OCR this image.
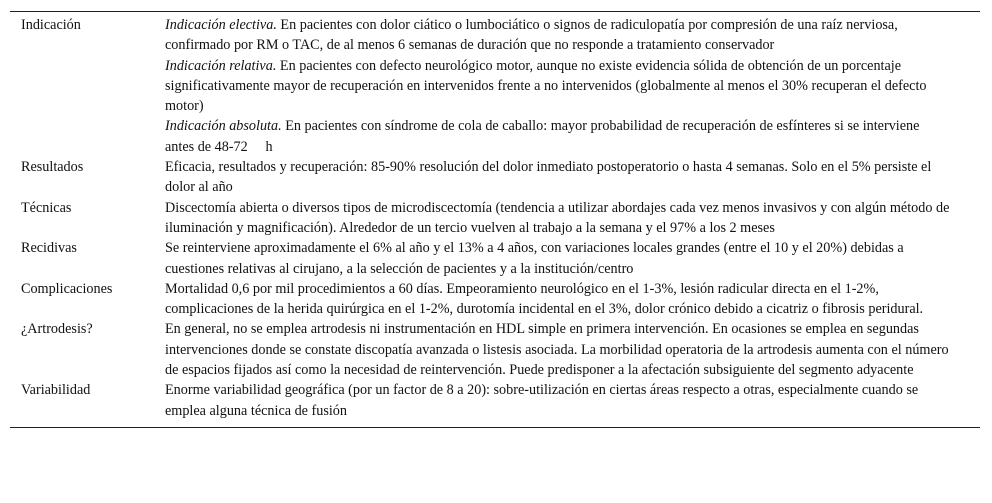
Indicación	Indicación electiva. En pacientes con dolor ciático o lumbociático o signos de radiculopatía por compresión de una raíz nerviosa, confirmado por RM o TAC, de al menos 6 semanas de duración que no responde a tratamiento conservador

Indicación relativa. En pacientes con defecto neurológico motor, aunque no existe evidencia sólida de obtención de un porcentaje significativamente mayor de recuperación en intervenidos frente a no intervenidos (globalmente al menos el 30% recuperan el defecto motor)

Indicación absoluta. En pacientes con síndrome de cola de caballo: mayor probabilidad de recuperación de esfínteres si se interviene antes de 48-72     h

Resultados	Eficacia, resultados y recuperación: 85-90% resolución del dolor inmediato postoperatorio o hasta 4 semanas. Solo en el 5% persiste el dolor al año
Técnicas	Discectomía abierta o diversos tipos de microdiscectomía (tendencia a utilizar abordajes cada vez menos invasivos y con algún método de iluminación y magnificación). Alrededor de un tercio vuelven al trabajo a la semana y el 97% a los 2 meses
Recidivas	Se reinterviene aproximadamente el 6% al año y el 13% a 4 años, con variaciones locales grandes (entre el 10 y el 20%) debidas a cuestiones relativas al cirujano, a la selección de pacientes y a la institución/centro
Complicaciones	Mortalidad 0,6 por mil procedimientos a 60 días. Empeoramiento neurológico en el 1-3%, lesión radicular directa en el 1-2%, complicaciones de la herida quirúrgica en el 1-2%, durotomía incidental en el 3%, dolor crónico debido a cicatriz o fibrosis peridural.
¿Artrodesis?	En general, no se emplea artrodesis ni instrumentación en HDL simple en primera intervención. En ocasiones se emplea en segundas intervenciones donde se constate discopatía avanzada o listesis asociada. La morbilidad operatoria de la artrodesis aumenta con el número de espacios fijados así como la necesidad de reintervención. Puede predisponer a la afectación subsiguiente del segmento adyacente
Variabilidad	Enorme variabilidad geográfica (por un factor de 8 a 20): sobre-utilización en ciertas áreas respecto a otras, especialmente cuando se emplea alguna técnica de fusión
